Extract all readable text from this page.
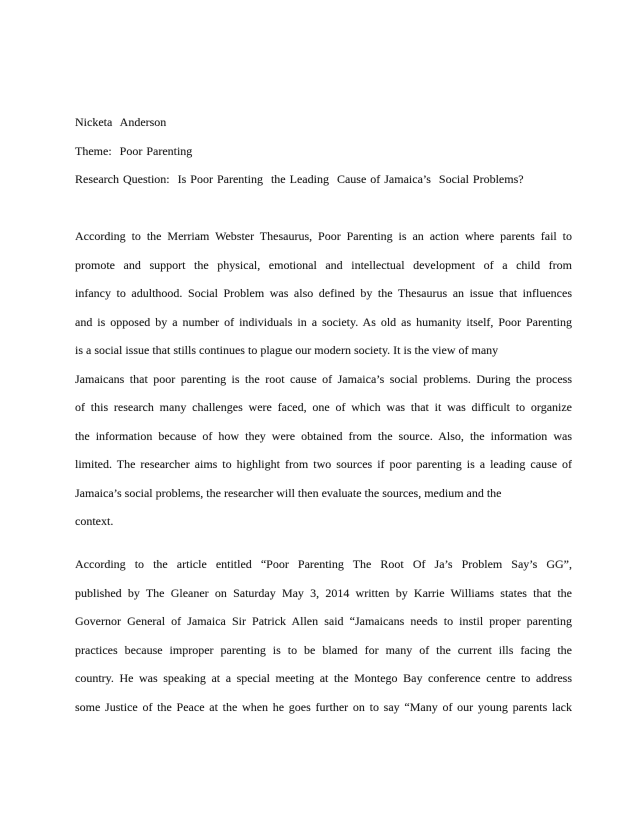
Nicketa  Anderson
Theme:  Poor Parenting
Research Question:  Is Poor Parenting  the Leading  Cause of Jamaica’s  Social Problems?
According to the Merriam Webster Thesaurus, Poor Parenting is an action where parents fail to
promote and support the physical, emotional and intellectual development of a child from
infancy to adulthood. Social Problem was also defined by the Thesaurus an issue that influences
and is opposed by a number of individuals in a society. As old as humanity itself, Poor Parenting
is a social issue that stills continues to plague our modern society. It is the view of many
Jamaicans that poor parenting is the root cause of Jamaica’s social problems. During the process
of this research many challenges were faced, one of which was that it was difficult to organize
the information because of how they were obtained from the source. Also, the information was
limited. The researcher aims to highlight from two sources if poor parenting is a leading cause of
Jamaica’s social problems, the researcher will then evaluate the sources, medium and the
context.
According to the article entitled “Poor Parenting The Root Of Ja’s Problem Say’s GG”,
published by The Gleaner on Saturday May 3, 2014 written by Karrie Williams states that the
Governor General of Jamaica Sir Patrick Allen said “Jamaicans needs to instil proper parenting
practices because improper parenting is to be blamed for many of the current ills facing the
country. He was speaking at a special meeting at the Montego Bay conference centre to address
some Justice of the Peace at the when he goes further on to say “Many of our young parents lack
